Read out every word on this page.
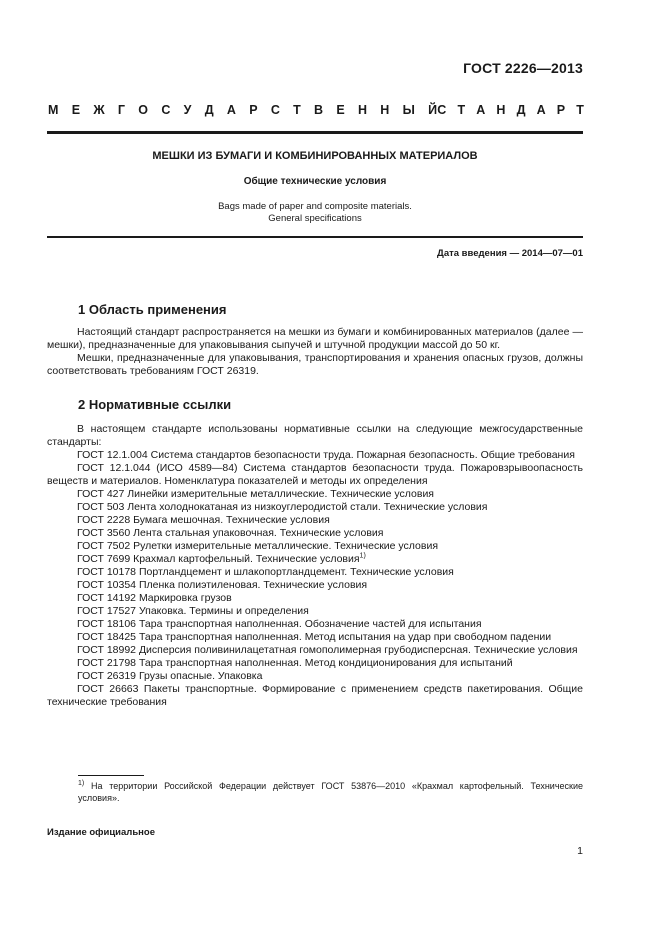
ГОСТ 2226—2013
М Е Ж Г О С У Д А Р С Т В Е Н Н Ы Й С Т А Н Д А Р Т
МЕШКИ ИЗ БУМАГИ И КОМБИНИРОВАННЫХ МАТЕРИАЛОВ
Общие технические условия
Bags made of paper and composite materials.
General specifications
Дата введения — 2014—07—01
1 Область применения

Настоящий стандарт распространяется на мешки из бумаги и комбинированных материалов (далее — мешки), предназначенные для упаковывания сыпучей и штучной продукции массой до 50 кг.

Мешки, предназначенные для упаковывания, транспортирования и хранения опасных грузов, должны соответствовать требованиям ГОСТ 26319.

2 Нормативные ссылки

В настоящем стандарте использованы нормативные ссылки на следующие межгосударственные стандарты:

ГОСТ 12.1.004 Система стандартов безопасности труда. Пожарная безопасность. Общие требования

ГОСТ 12.1.044 (ИСО 4589—84) Система стандартов безопасности труда. Пожаровзрывоопасность веществ и материалов. Номенклатура показателей и методы их определения

ГОСТ 427 Линейки измерительные металлические. Технические условия

ГОСТ 503 Лента холоднокатаная из низкоуглеродистой стали. Технические условия

ГОСТ 2228 Бумага мешочная. Технические условия

ГОСТ 3560 Лента стальная упаковочная. Технические условия

ГОСТ 7502 Рулетки измерительные металлические. Технические условия

ГОСТ 7699 Крахмал картофельный. Технические условия$^{1)}$

ГОСТ 10178 Портландцемент и шлакопортландцемент. Технические условия

ГОСТ 10354 Пленка полиэтиленовая. Технические условия

ГОСТ 14192 Маркировка грузов

ГОСТ 17527 Упаковка. Термины и определения

ГОСТ 18106 Тара транспортная наполненная. Обозначение частей для испытания

ГОСТ 18425 Тара транспортная наполненная. Метод испытания на удар при свободном падении

ГОСТ 18992 Дисперсия поливинилацетатная гомополимерная грубодисперсная. Технические условия

ГОСТ 21798 Тара транспортная наполненная. Метод кондиционирования для испытаний

ГОСТ 26319 Грузы опасные. Упаковка

ГОСТ 26663 Пакеты транспортные. Формирование с применением средств пакетирования. Общие технические требования

$^{1)}$ На территории Российской Федерации действует ГОСТ 53876—2010 «Крахмал картофельный. Технические условия».
Издание официальное
1
